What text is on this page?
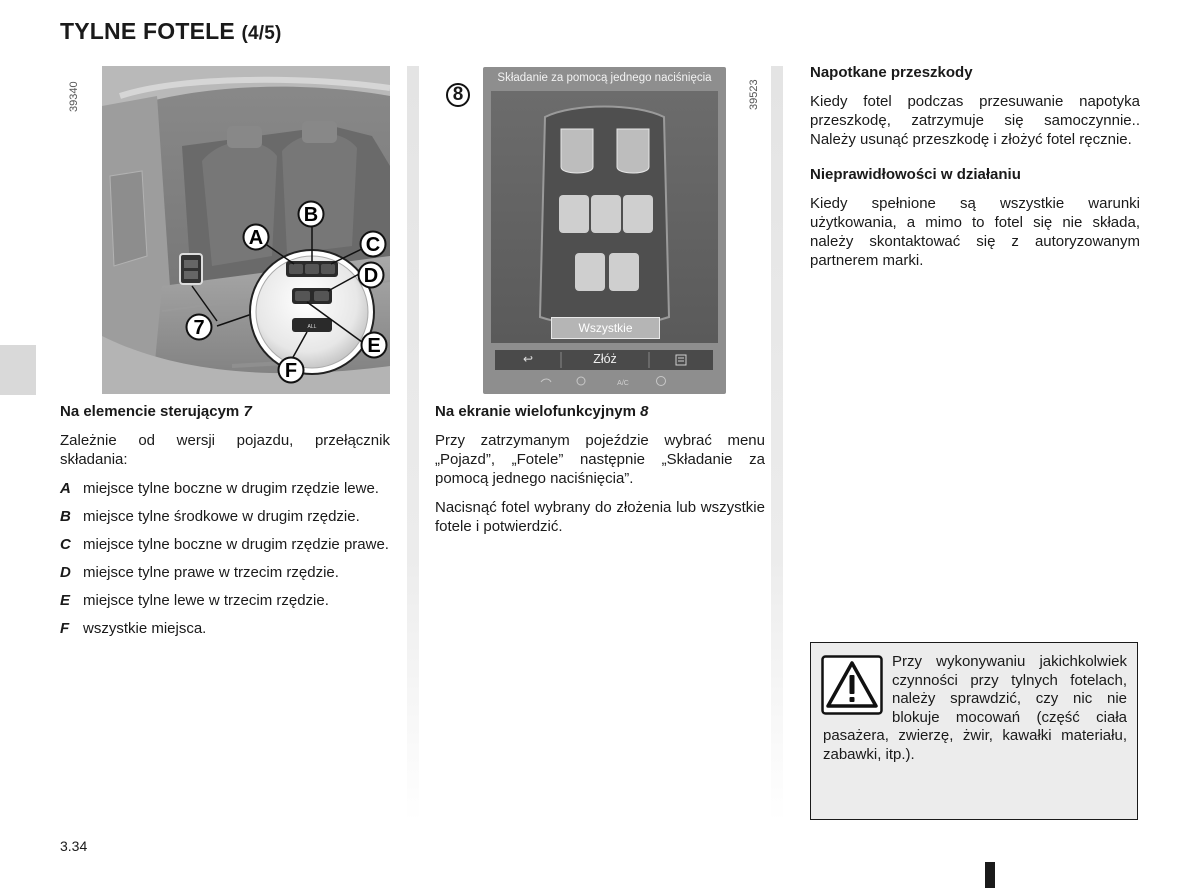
TYLNE FOTELE (4/5)
39340
ALL
B
A	C
D
E
F
7
8	39523
Składanie za pomocą jednego naciśnięcia
A/C
Wszystkie
↩	Złóż

Na elemencie sterującym 7

Zależnie od wersji pojazdu, przełącznik składania:

A miejsce tylne boczne w drugim rzędzie lewe.
B miejsce tylne środkowe w drugim rzędzie.
C miejsce tylne boczne w drugim rzędzie prawe.
D miejsce tylne prawe w trzecim rzędzie.
E miejsce tylne lewe w trzecim rzędzie.
F wszystkie miejsca.

Na ekranie wielofunkcyjnym 8

Przy zatrzymanym pojeździe wybrać menu „Pojazd”, „Fotele” następnie „Składanie za pomocą jednego naciśnięcia”.

Nacisnąć fotel wybrany do złożenia lub wszystkie fotele i potwierdzić.

Napotkane przeszkody

Kiedy fotel podczas przesuwanie napotyka przeszkodę, zatrzymuje się samoczynnie.. Należy usunąć przeszkodę i złożyć fotel ręcznie.

Nieprawidłowości w działaniu

Kiedy spełnione są wszystkie warunki użytkowania, a mimo to fotel się nie składa, należy skontaktować się z autoryzowanym partnerem marki.

Przy wykonywaniu jakichkolwiek czynności przy tylnych fotelach, należy sprawdzić, czy nic nie blokuje mocowań (część ciała pasażera, zwierzę, żwir, kawałki materiału, zabawki, itp.).
3.34
